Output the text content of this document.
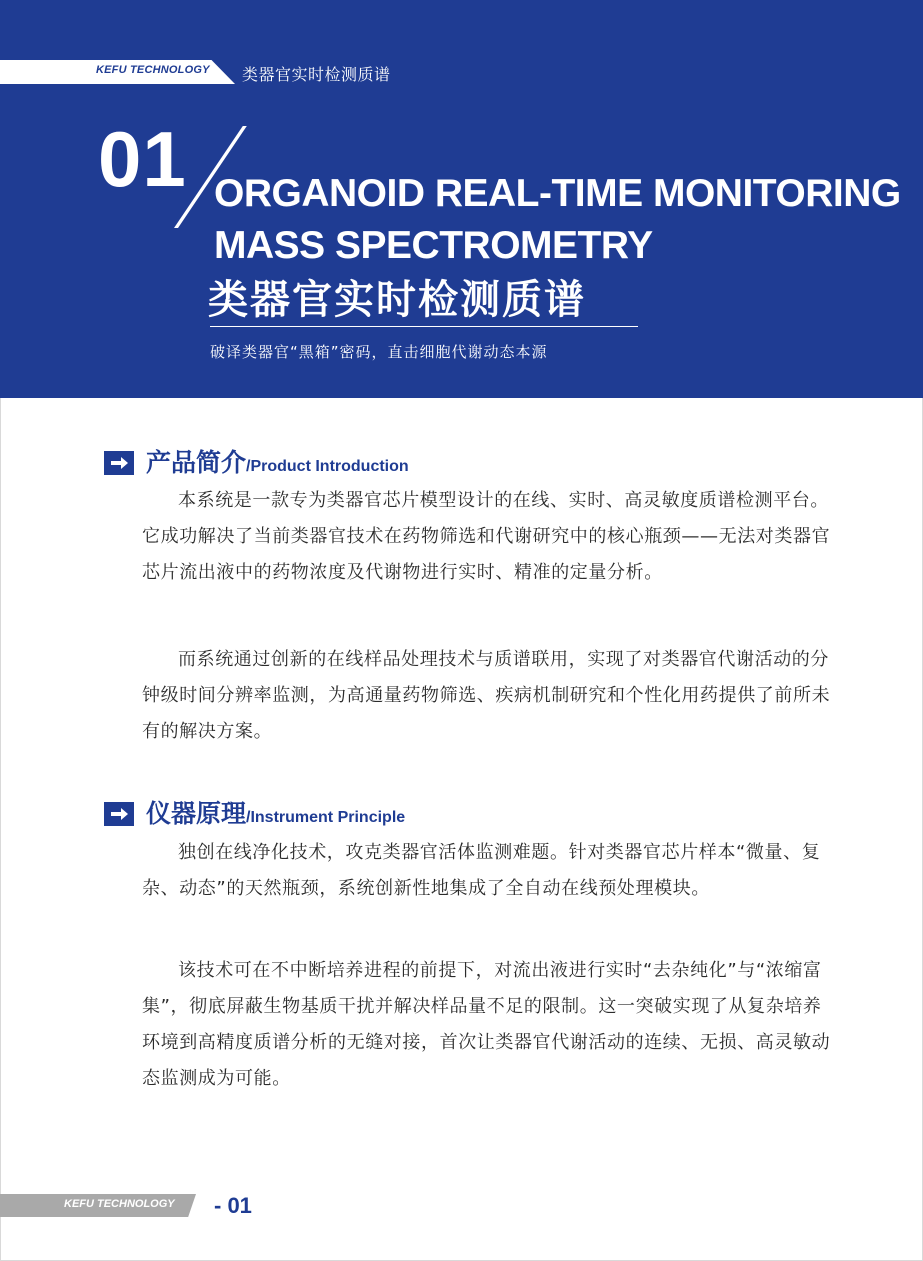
KEFU TECHNOLOGY 类器官实时检测质谱
01 ORGANOID REAL-TIME MONITORING
MASS SPECTROMETRY
类器官实时检测质谱
破译类器官“黑箱”密码，直击细胞代谢动态本源
产品简介/Product Introduction

本系统是一款专为类器官芯片模型设计的在线、实时、高灵敏度质谱检测平台。它成功解决了当前类器官技术在药物筛选和代谢研究中的核心瓶颈——无法对类器官芯片流出液中的药物浓度及代谢物进行实时、精准的定量分析。

而系统通过创新的在线样品处理技术与质谱联用，实现了对类器官代谢活动的分钟级时间分辨率监测，为高通量药物筛选、疾病机制研究和个性化用药提供了前所未有的解决方案。

仪器原理/Instrument Principle

独创在线净化技术，攻克类器官活体监测难题。针对类器官芯片样本“微量、复杂、动态”的天然瓶颈，系统创新性地集成了全自动在线预处理模块。

该技术可在不中断培养进程的前提下，对流出液进行实时“去杂纯化”与“浓缩富集”，彻底屏蔽生物基质干扰并解决样品量不足的限制。这一突破实现了从复杂培养环境到高精度质谱分析的无缝对接，首次让类器官代谢活动的连续、无损、高灵敏动态监测成为可能。

KEFU TECHNOLOGY - 01
